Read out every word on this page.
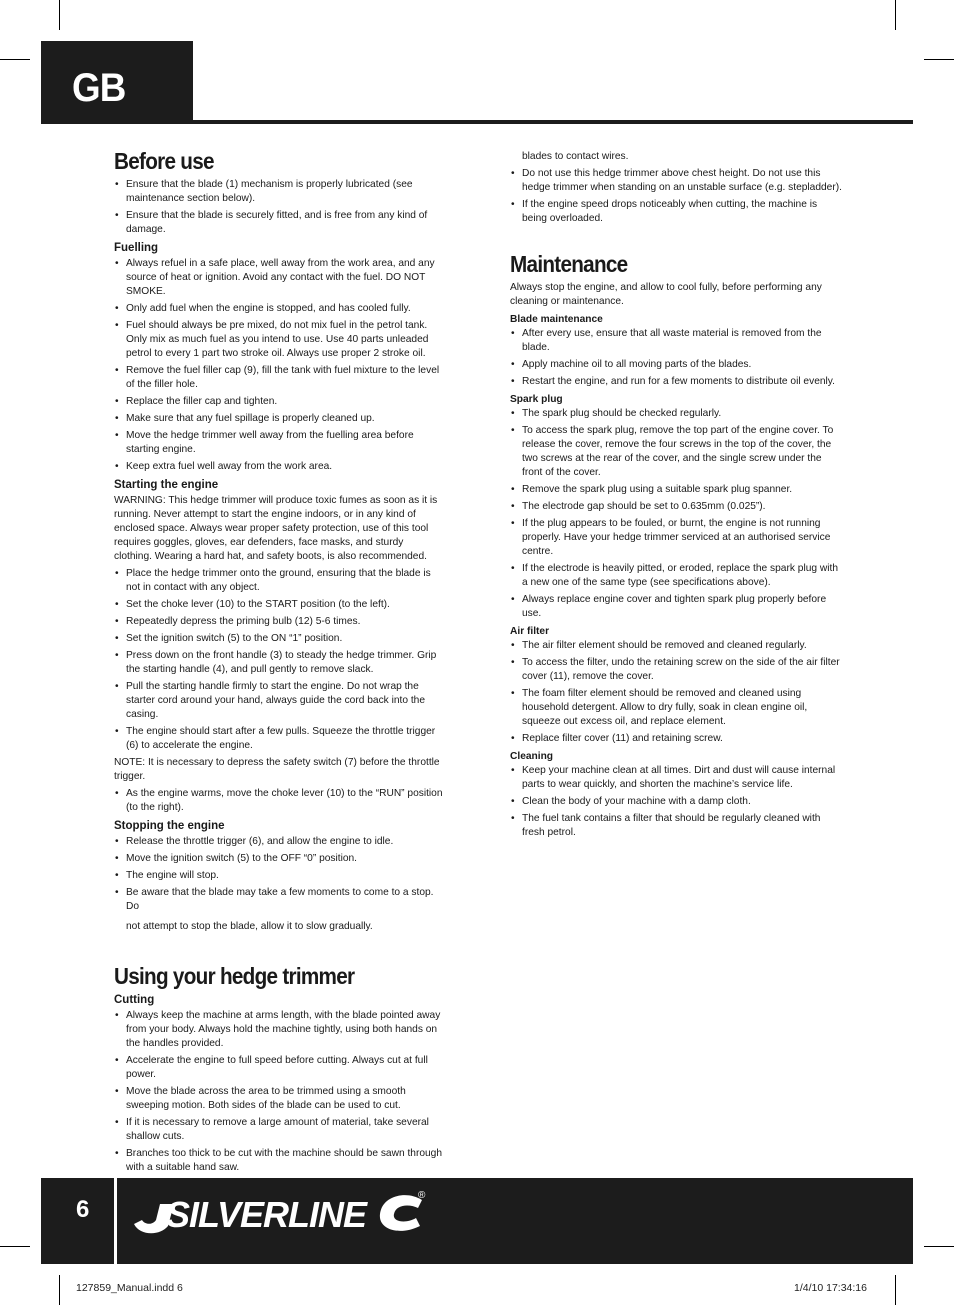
GB
Before use
• Ensure that the blade (1) mechanism is properly lubricated (see maintenance section below).
• Ensure that the blade is securely fitted, and is free from any kind of damage.
Fuelling
• Always refuel in a safe place, well away from the work area, and any source of heat or ignition. Avoid any contact with the fuel. DO NOT SMOKE.
• Only add fuel when the engine is stopped, and has cooled fully.
• Fuel should always be pre mixed, do not mix fuel in the petrol tank. Only mix as much fuel as you intend to use. Use 40 parts unleaded petrol to every 1 part two stroke oil. Always use proper 2 stroke oil.
• Remove the fuel filler cap (9), fill the tank with fuel mixture to the level of the filler hole.
• Replace the filler cap and tighten.
• Make sure that any fuel spillage is properly cleaned up.
• Move the hedge trimmer well away from the fuelling area before starting engine.
• Keep extra fuel well away from the work area.
Starting the engine

WARNING: This hedge trimmer will produce toxic fumes as soon as it is running. Never attempt to start the engine indoors, or in any kind of enclosed space. Always wear proper safety protection, use of this tool requires goggles, gloves, ear defenders, face masks, and sturdy clothing. Wearing a hard hat, and safety boots, is also recommended.

• Place the hedge trimmer onto the ground, ensuring that the blade is not in contact with any object.
• Set the choke lever (10) to the START position (to the left).
• Repeatedly depress the priming bulb (12) 5-6 times.
• Set the ignition switch (5) to the ON “1” position.
• Press down on the front handle (3) to steady the hedge trimmer. Grip the starting handle (4), and pull gently to remove slack.
• Pull the starting handle firmly to start the engine. Do not wrap the starter cord around your hand, always guide the cord back into the casing.
• The engine should start after a few pulls. Squeeze the throttle trigger (6) to accelerate the engine.

NOTE: It is necessary to depress the safety switch (7) before the throttle trigger.

• As the engine warms, move the choke lever (10) to the “RUN” position (to the right).
Stopping the engine
• Release the throttle trigger (6), and allow the engine to idle.
• Move the ignition switch (5) to the OFF “0” position.
• The engine will stop.
• Be aware that the blade may take a few moments to come to a stop. Do
not attempt to stop the blade, allow it to slow gradually.
Using your hedge trimmer
Cutting
• Always keep the machine at arms length, with the blade pointed away from your body. Always hold the machine tightly, using both hands on the handles provided.
• Accelerate the engine to full speed before cutting. Always cut at full power.
• Move the blade across the area to be trimmed using a smooth sweeping motion. Both sides of the blade can be used to cut.
• If it is necessary to remove a large amount of material, take several shallow cuts.
• Branches too thick to be cut with the machine should be sawn through with a suitable hand saw.
•
blades to contact wires.
• Do not use this hedge trimmer above chest height. Do not use this hedge trimmer when standing on an unstable surface (e.g. stepladder).
• If the engine speed drops noticeably when cutting, the machine is being overloaded.
Maintenance

Always stop the engine, and allow to cool fully, before performing any cleaning or maintenance.

Blade maintenance
• After every use, ensure that all waste material is removed from the blade.
• Apply machine oil to all moving parts of the blades.
• Restart the engine, and run for a few moments to distribute oil evenly.
Spark plug
• The spark plug should be checked regularly.
• To access the spark plug, remove the top part of the engine cover. To release the cover, remove the four screws in the top of the cover, the two screws at the rear of the cover, and the single screw under the front of the cover.
• Remove the spark plug using a suitable spark plug spanner.
• The electrode gap should be set to 0.635mm (0.025”).
• If the plug appears to be fouled, or burnt, the engine is not running properly. Have your hedge trimmer serviced at an authorised service centre.
• If the electrode is heavily pitted, or eroded, replace the spark plug with a new one of the same type (see specifications above).
• Always replace engine cover and tighten spark plug properly before use.
Air filter
• The air filter element should be removed and cleaned regularly.
• To access the filter, undo the retaining screw on the side of the air filter cover (11), remove the cover.
• The foam filter element should be removed and cleaned using household detergent. Allow to dry fully, soak in clean engine oil, squeeze out excess oil, and replace element.
• Replace filter cover (11) and retaining screw.
Cleaning
• Keep your machine clean at all times. Dirt and dust will cause internal parts to wear quickly, and shorten the machine’s service life.
• Clean the body of your machine with a damp cloth.
• The fuel tank contains a filter that should be regularly cleaned with fresh petrol.
6 SILVERLINE	®
127859_Manual.indd 6	1/4/10 17:34:16
